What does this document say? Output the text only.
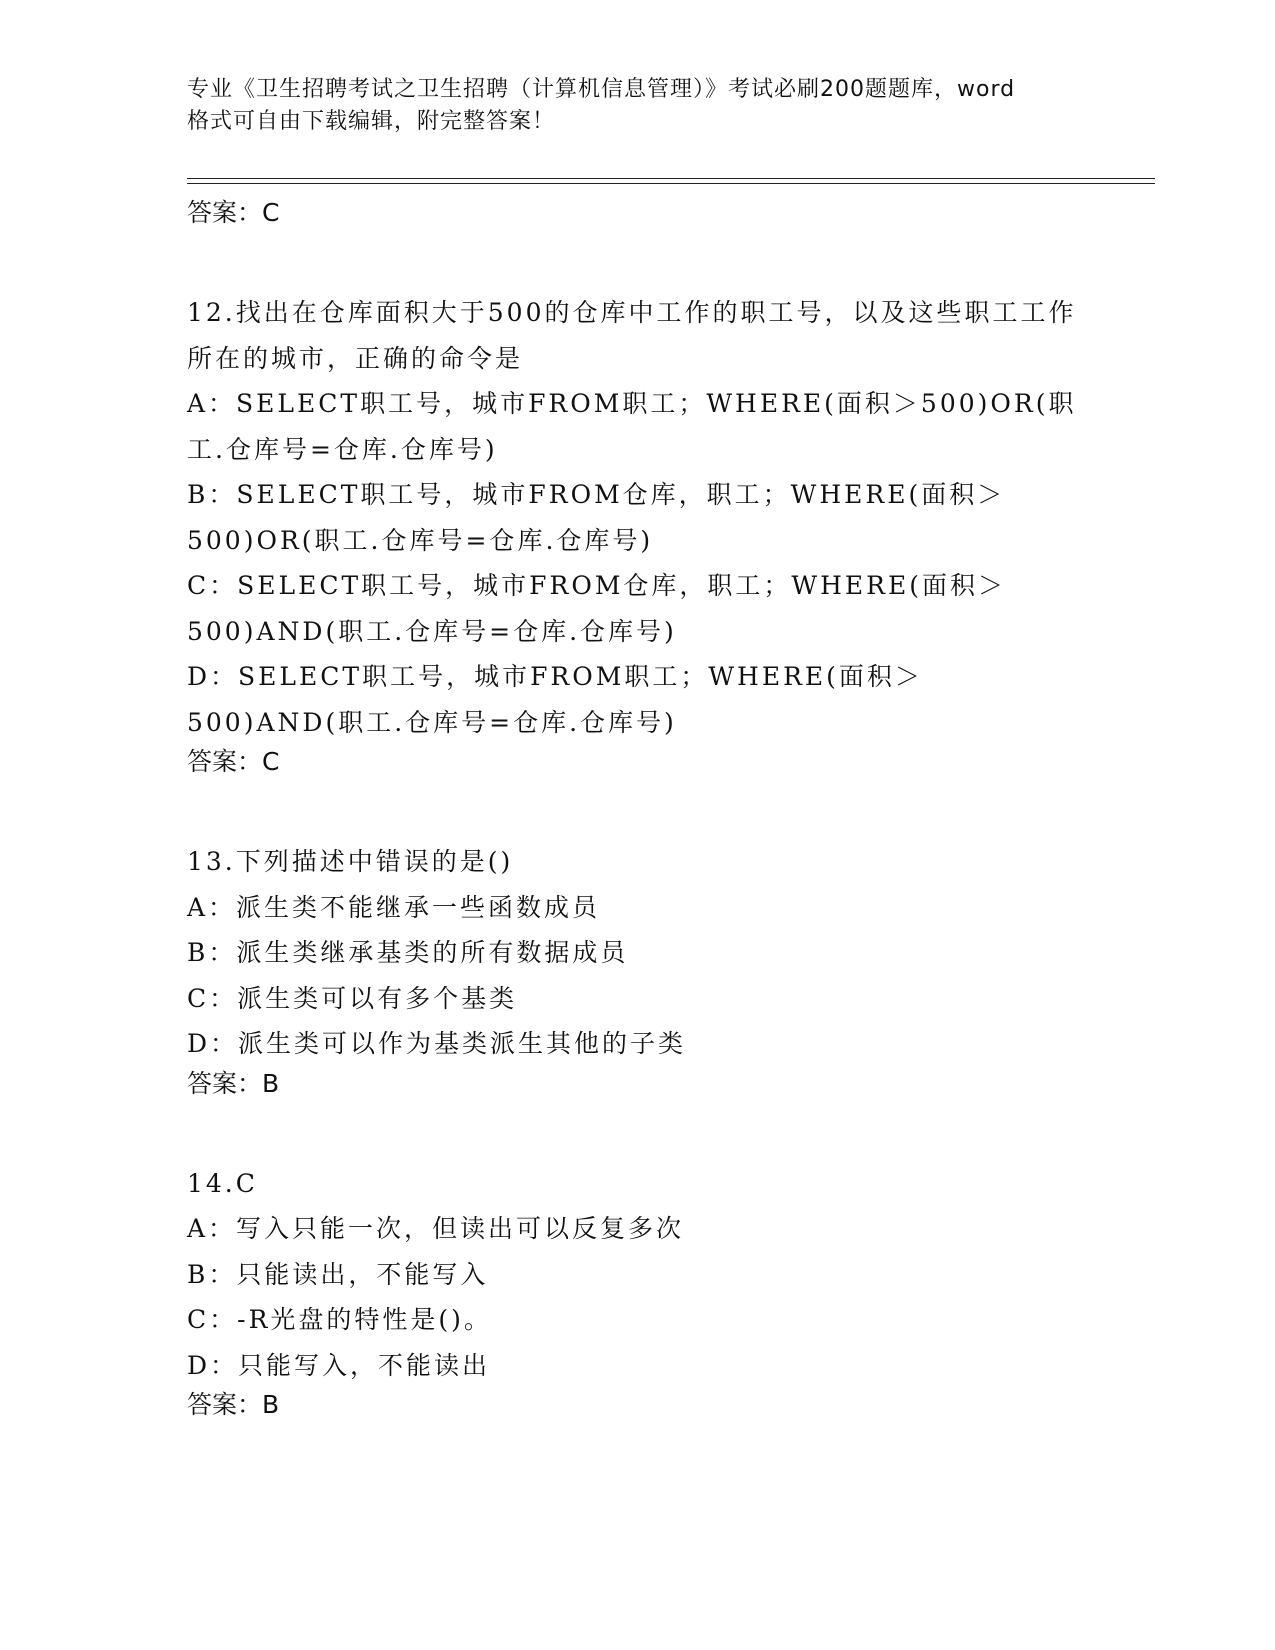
专业《卫生招聘考试之卫生招聘（计算机信息管理）》考试必刷200题题库，word
格式可自由下载编辑，附完整答案！
答案：C
12.找出在仓库面积大于500的仓库中工作的职工号，以及这些职工工作所在的城市，正确的命令是
A：SELECT职工号，城市FROM职工；WHERE(面积＞500)OR(职工.仓库号=仓库.仓库号)
B：SELECT职工号，城市FROM仓库，职工；WHERE(面积＞500)OR(职工.仓库号=仓库.仓库号)
C：SELECT职工号，城市FROM仓库，职工；WHERE(面积＞500)AND(职工.仓库号=仓库.仓库号)
D：SELECT职工号，城市FROM职工；WHERE(面积＞500)AND(职工.仓库号=仓库.仓库号)
答案：C
13.下列描述中错误的是()
A：派生类不能继承一些函数成员
B：派生类继承基类的所有数据成员
C：派生类可以有多个基类
D：派生类可以作为基类派生其他的子类
答案：B
14.C
A：写入只能一次，但读出可以反复多次
B：只能读出，不能写入
C：-R光盘的特性是()。
D：只能写入，不能读出
答案：B
